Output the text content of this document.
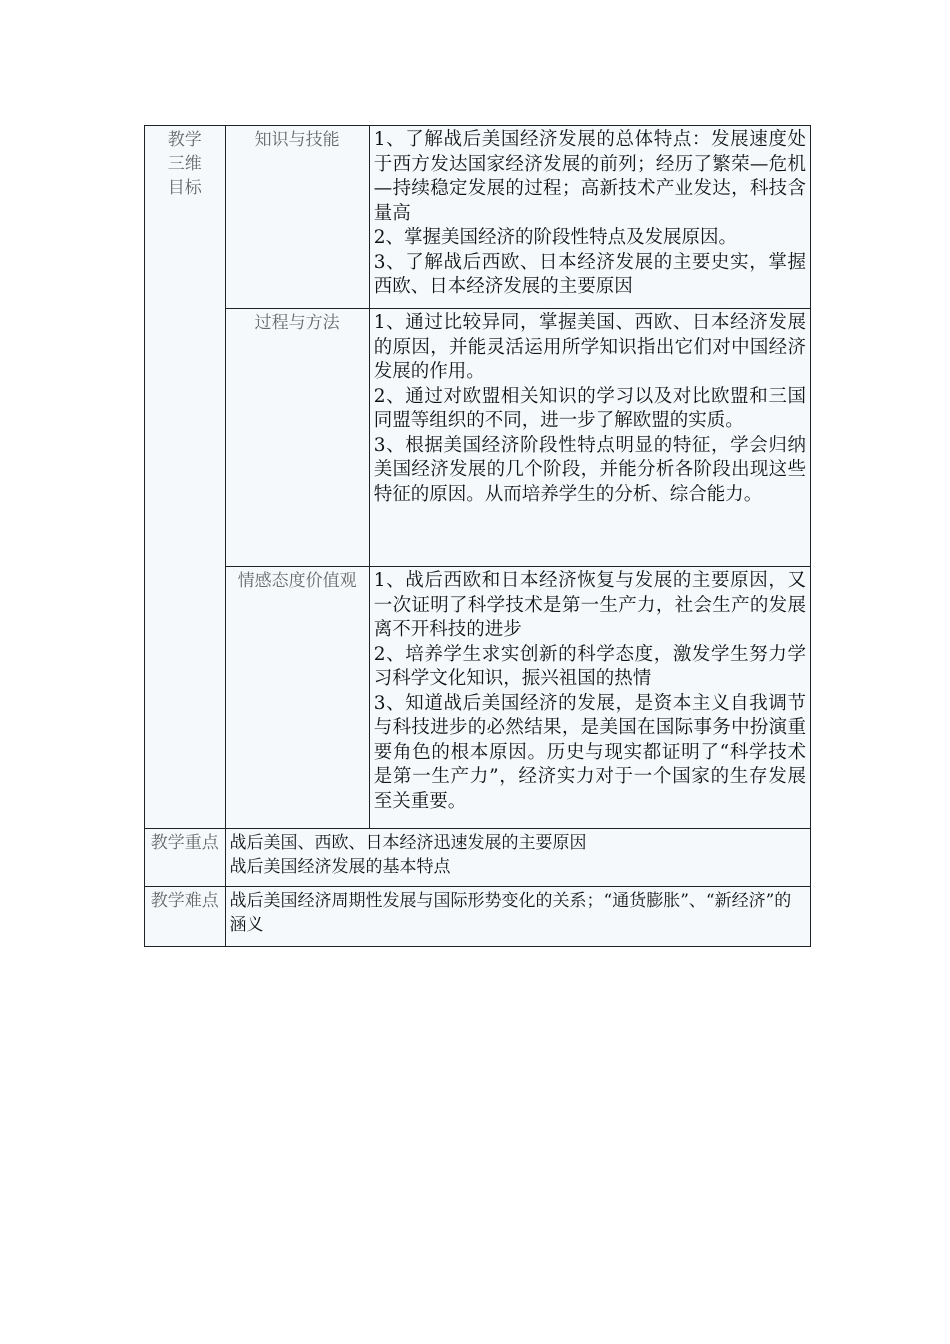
教学
三维
目标	知识与技能	1、了解战后美国经济发展的总体特点：发展速度处于西方发达国家经济发展的前列；经历了繁荣—危机—持续稳定发展的过程；高新技术产业发达，科技含量高
2、掌握美国经济的阶段性特点及发展原因。
3、了解战后西欧、日本经济发展的主要史实，掌握西欧、日本经济发展的主要原因

	过程与方法	1、通过比较异同，掌握美国、西欧、日本经济发展的原因，并能灵活运用所学知识指出它们对中国经济发展的作用。
2、通过对欧盟相关知识的学习以及对比欧盟和三国同盟等组织的不同，进一步了解欧盟的实质。
3、根据美国经济阶段性特点明显的特征，学会归纳美国经济发展的几个阶段，并能分析各阶段出现这些特征的原因。从而培养学生的分析、综合能力。

	情感态度价值观	1、战后西欧和日本经济恢复与发展的主要原因，又一次证明了科学技术是第一生产力，社会生产的发展离不开科技的进步
2、培养学生求实创新的科学态度，激发学生努力学习科学文化知识，振兴祖国的热情
3、知道战后美国经济的发展，是资本主义自我调节与科技进步的必然结果，是美国在国际事务中扮演重要角色的根本原因。历史与现实都证明了“科学技术是第一生产力”，经济实力对于一个国家的生存发展至关重要。

教学重点	战后美国、西欧、日本经济迅速发展的主要原因
战后美国经济发展的基本特点	

教学难点	战后美国经济周期性发展与国际形势变化的关系；“通货膨胀”、“新经济”的涵义	
